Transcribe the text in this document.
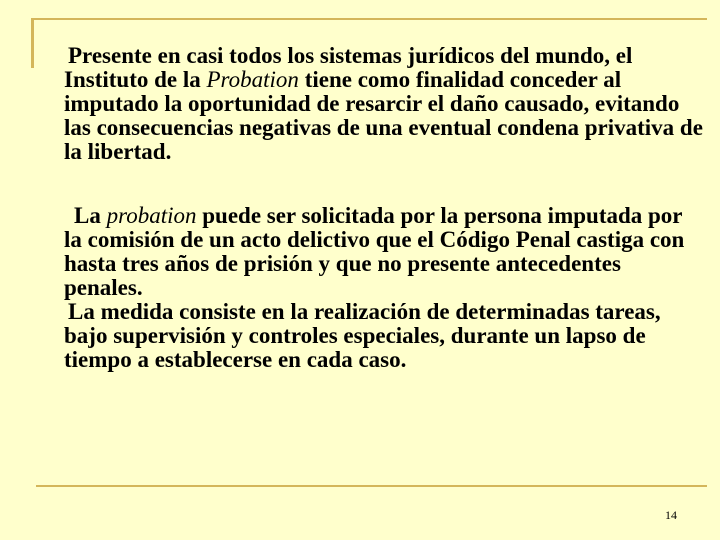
Presente en casi todos los sistemas jurídicos del mundo, el Instituto de la Probation tiene como finalidad conceder al imputado la oportunidad de resarcir el daño causado, evitando las consecuencias negativas de una eventual condena privativa de la libertad.

La probation puede ser solicitada por la persona imputada por la comisión de un acto delictivo que el Código Penal castiga con hasta tres años de prisión y que no presente antecedentes penales.

La medida consiste en la realización de determinadas tareas, bajo supervisión y controles especiales, durante un lapso de tiempo a establecerse en cada caso.

14
